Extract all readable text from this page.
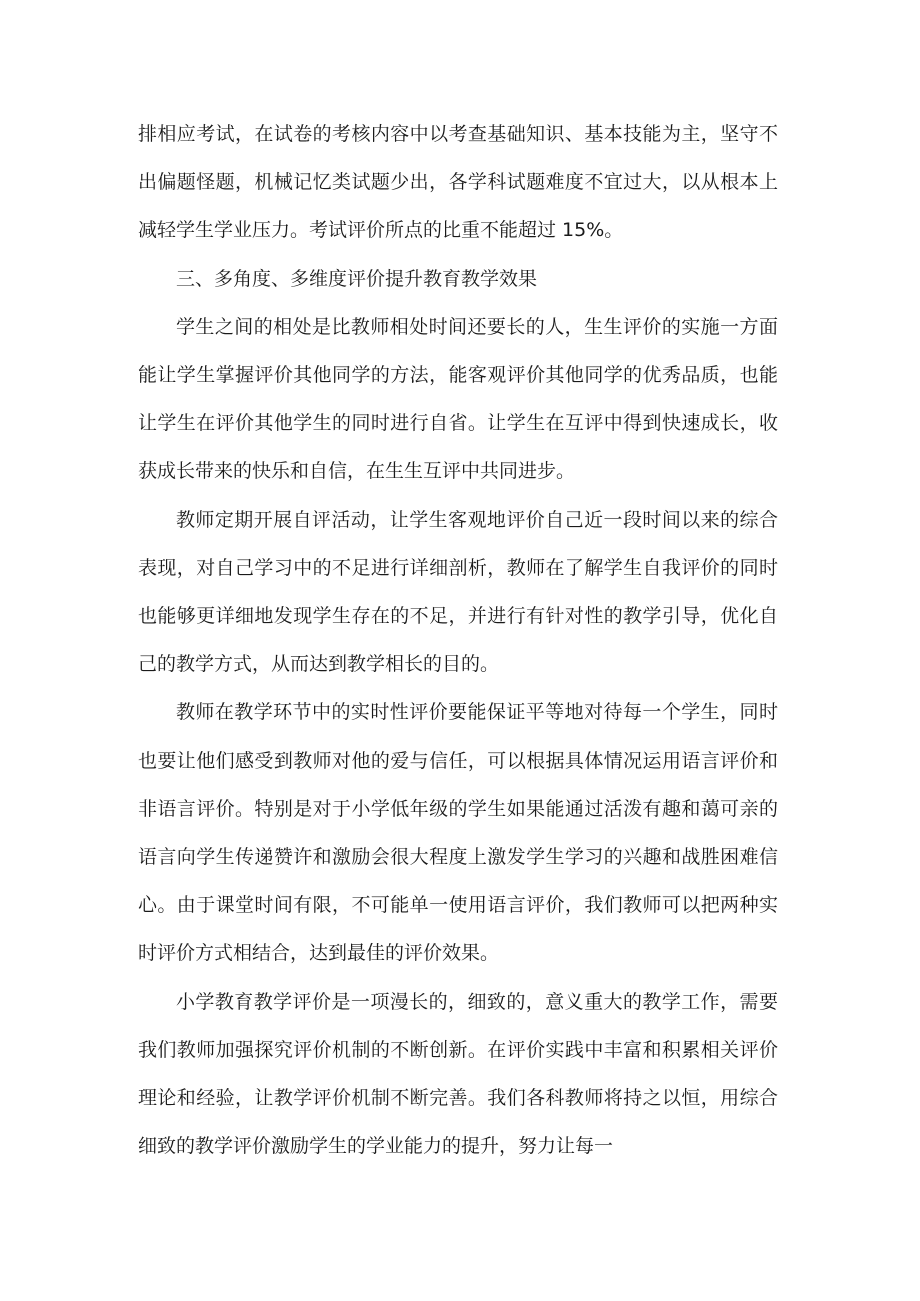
排相应考试，在试卷的考核内容中以考查基础知识、基本技能为主，坚守不出偏题怪题，机械记忆类试题少出，各学科试题难度不宜过大，以从根本上减轻学生学业压力。考试评价所点的比重不能超过 15%。

三、多角度、多维度评价提升教育教学效果

学生之间的相处是比教师相处时间还要长的人，生生评价的实施一方面能让学生掌握评价其他同学的方法，能客观评价其他同学的优秀品质，也能让学生在评价其他学生的同时进行自省。让学生在互评中得到快速成长，收获成长带来的快乐和自信，在生生互评中共同进步。

教师定期开展自评活动，让学生客观地评价自己近一段时间以来的综合表现，对自己学习中的不足进行详细剖析，教师在了解学生自我评价的同时也能够更详细地发现学生存在的不足，并进行有针对性的教学引导，优化自己的教学方式，从而达到教学相长的目的。

教师在教学环节中的实时性评价要能保证平等地对待每一个学生，同时也要让他们感受到教师对他的爱与信任，可以根据具体情况运用语言评价和非语言评价。特别是对于小学低年级的学生如果能通过活泼有趣和蔼可亲的语言向学生传递赞许和激励会很大程度上激发学生学习的兴趣和战胜困难信心。由于课堂时间有限，不可能单一使用语言评价，我们教师可以把两种实时评价方式相结合，达到最佳的评价效果。

小学教育教学评价是一项漫长的，细致的，意义重大的教学工作，需要我们教师加强探究评价机制的不断创新。在评价实践中丰富和积累相关评价理论和经验，让教学评价机制不断完善。我们各科教师将持之以恒，用综合细致的教学评价激励学生的学业能力的提升，努力让每一
